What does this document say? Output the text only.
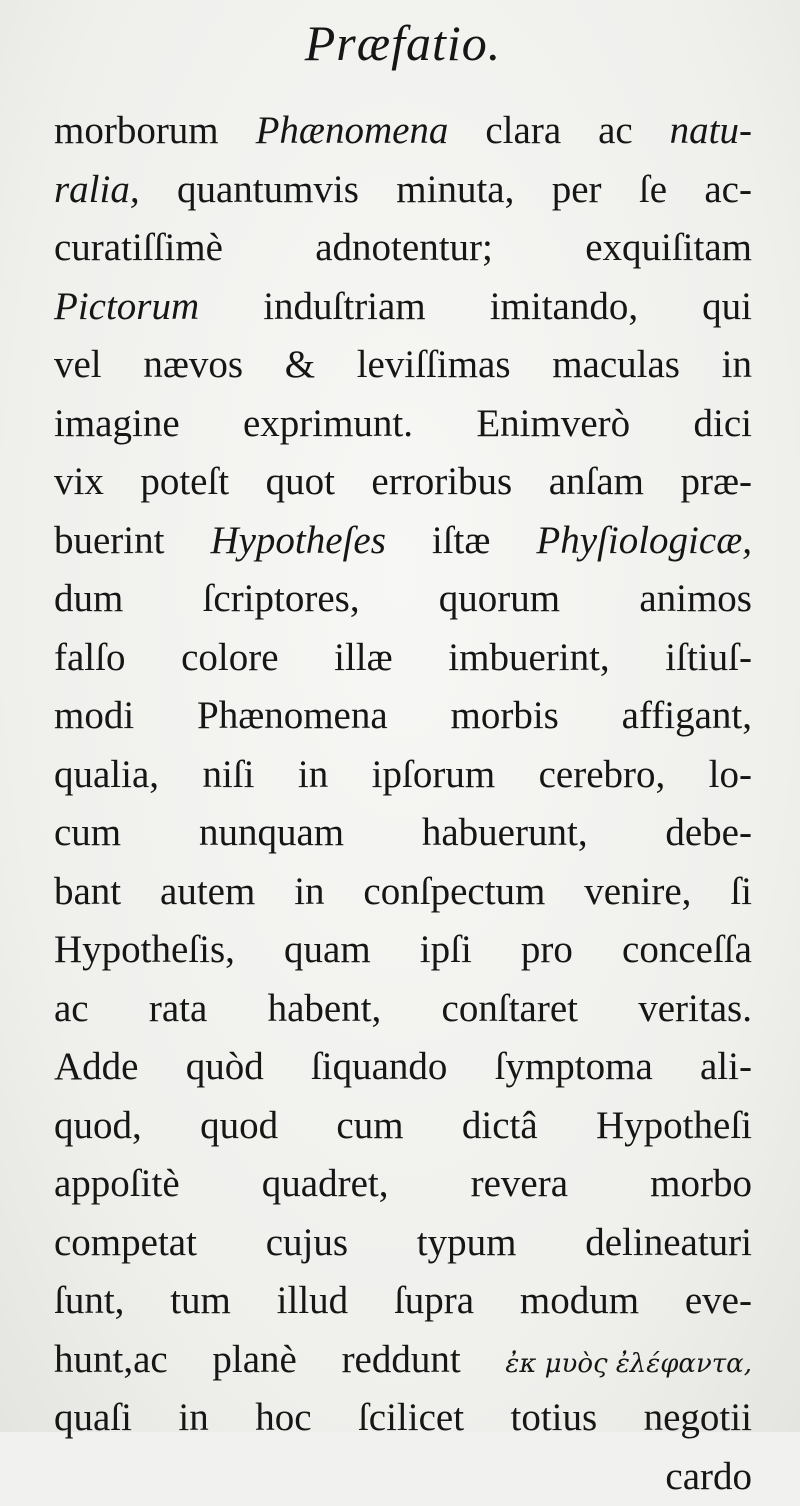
Præfatio.
morborum Phænomena clara ac natu-
ralia, quantumvis minuta, per ſe ac-
curatiſſimè adnotentur; exquiſitam
Pictorum induſtriam imitando, qui
vel nævos & leviſſimas maculas in
imagine exprimunt. Enimverò dici
vix poteſt quot erroribus anſam præ-
buerint Hypotheſes iſtæ Phyſiologicæ,
dum ſcriptores, quorum animos
falſo colore illæ imbuerint, iſtiuſ-
modi Phænomena morbis affigant,
qualia, niſi in ipſorum cerebro, lo-
cum nunquam habuerunt, debe-
bant autem in conſpectum venire, ſi
Hypotheſis, quam ipſi pro conceſſa
ac rata habent, conſtaret veritas.
Adde quòd ſiquando ſymptoma ali-
quod, quod cum dictâ Hypotheſi
appoſitè quadret, revera morbo
competat cujus typum delineaturi
ſunt, tum illud ſupra modum eve-
hunt,ac planè reddunt ἐκ μυὸς ἐλέφαντα,
quaſi in hoc ſcilicet totius negotii
cardo
